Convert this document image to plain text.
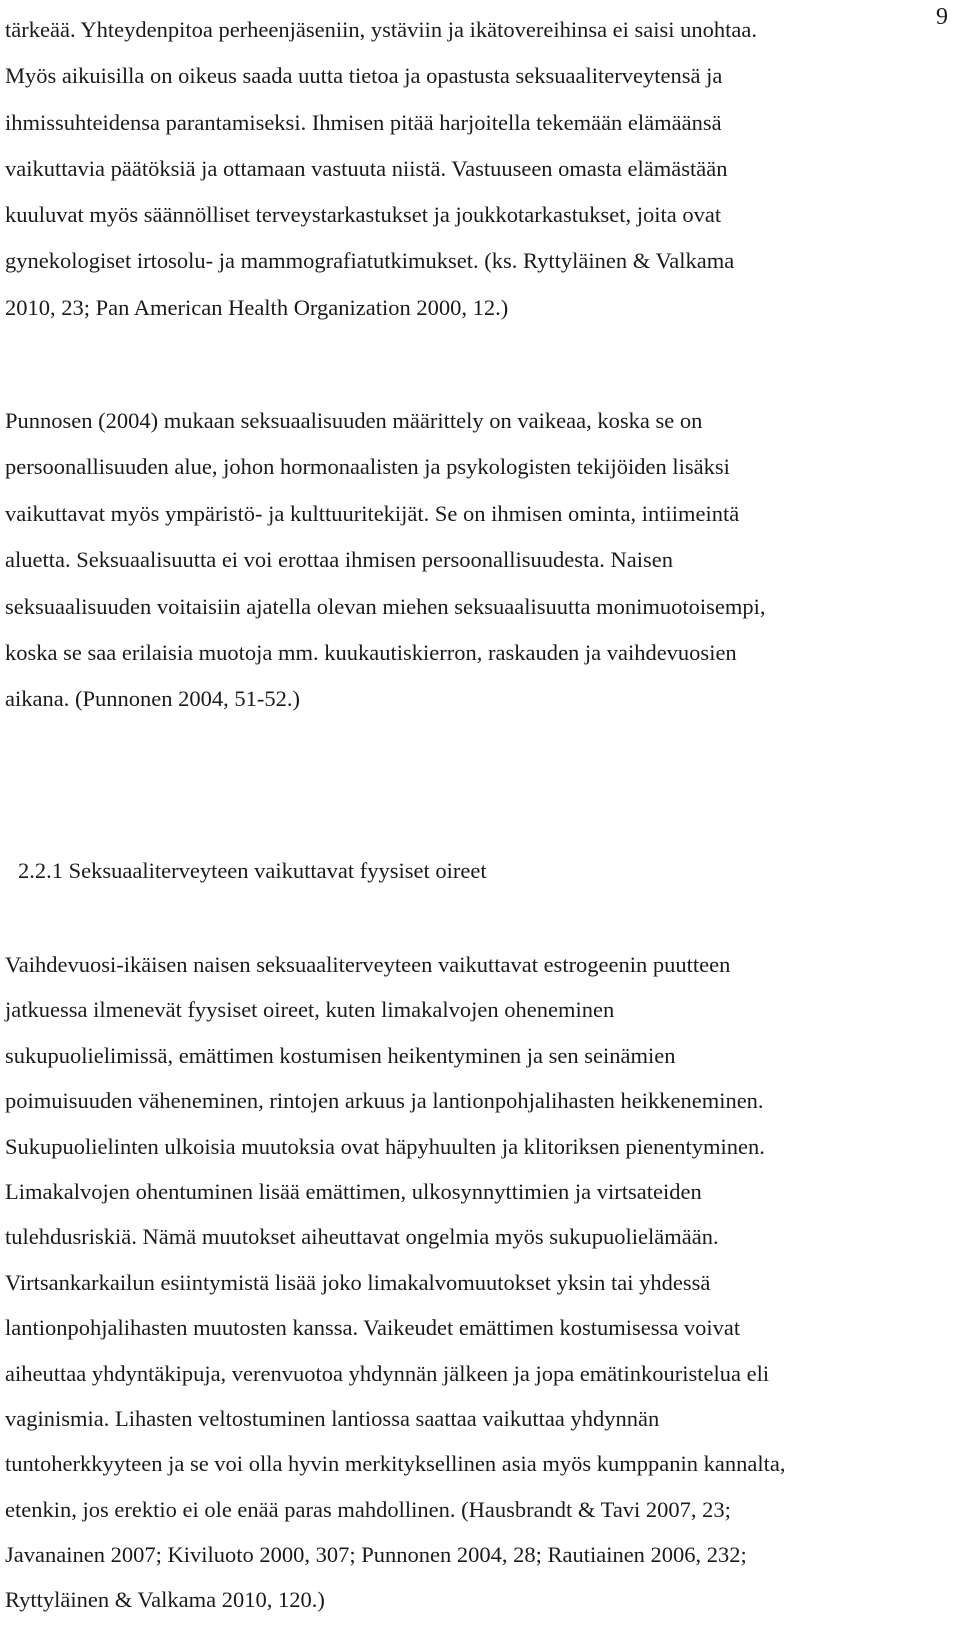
9
tärkeää. Yhteydenpitoa perheenjäseniin, ystäviin ja ikätovereihinsa ei saisi unohtaa.
Myös aikuisilla on oikeus saada uutta tietoa ja opastusta seksuaaliterveytensä ja
ihmissuhteidensa parantamiseksi. Ihmisen pitää harjoitella tekemään elämäänsä
vaikuttavia päätöksiä ja ottamaan vastuuta niistä. Vastuuseen omasta elämästään
kuuluvat myös säännölliset terveystarkastukset ja joukkotarkastukset, joita ovat
gynekologiset irtosolu- ja mammografiatutkimukset. (ks. Ryttyläinen & Valkama
2010, 23; Pan American Health Organization 2000, 12.)
Punnosen (2004) mukaan seksuaalisuuden määrittely on vaikeaa, koska se on
persoonallisuuden alue, johon hormonaalisten ja psykologisten tekijöiden lisäksi
vaikuttavat myös ympäristö- ja kulttuuritekijät. Se on ihmisen ominta, intiimeintä
aluetta. Seksuaalisuutta ei voi erottaa ihmisen persoonallisuudesta. Naisen
seksuaalisuuden voitaisiin ajatella olevan miehen seksuaalisuutta monimuotoisempi,
koska se saa erilaisia muotoja mm. kuukautiskierron, raskauden ja vaihdevuosien
aikana. (Punnonen 2004, 51-52.)
2.2.1 Seksuaaliterveyteen vaikuttavat fyysiset oireet
Vaihdevuosi-ikäisen naisen seksuaaliterveyteen vaikuttavat estrogeenin puutteen
jatkuessa ilmenevät fyysiset oireet, kuten limakalvojen oheneminen
sukupuolielimissä, emättimen kostumisen heikentyminen ja sen seinämien
poimuisuuden väheneminen, rintojen arkuus ja lantionpohjalihasten heikkeneminen.
Sukupuolielinten ulkoisia muutoksia ovat häpyhuulten ja klitoriksen pienentyminen.
Limakalvojen ohentuminen lisää emättimen, ulkosynnyttimien ja virtsateiden
tulehdusriskiä. Nämä muutokset aiheuttavat ongelmia myös sukupuolielämään.
Virtsankarkailun esiintymistä lisää joko limakalvomuutokset yksin tai yhdessä
lantionpohjalihasten muutosten kanssa. Vaikeudet emättimen kostumisessa voivat
aiheuttaa yhdyntäkipuja, verenvuotoa yhdynnän jälkeen ja jopa emätinkouristelua eli
vaginismia. Lihasten veltostuminen lantiossa saattaa vaikuttaa yhdynnän
tuntoherkkyyteen ja se voi olla hyvin merkityksellinen asia myös kumppanin kannalta,
etenkin, jos erektio ei ole enää paras mahdollinen. (Hausbrandt & Tavi 2007, 23;
Javanainen 2007; Kiviluoto 2000, 307; Punnonen 2004, 28; Rautiainen 2006, 232;
Ryttyläinen & Valkama 2010, 120.)
